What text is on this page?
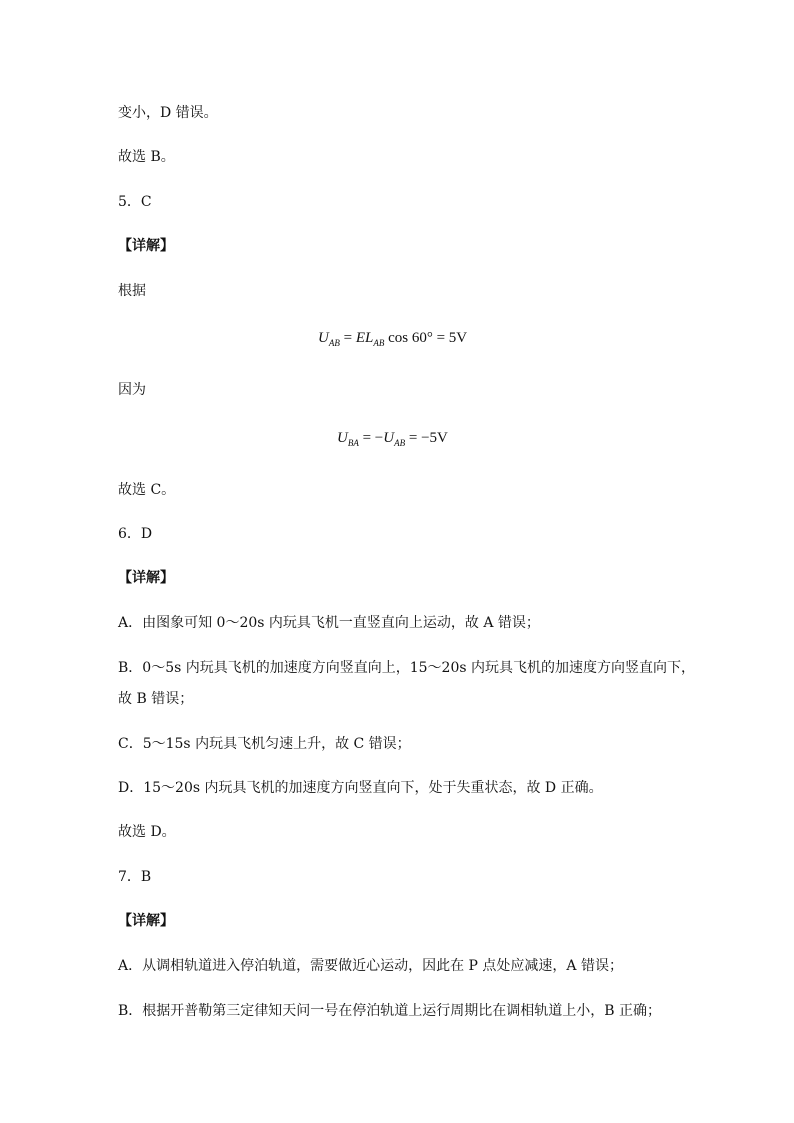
变小，D 错误。
故选 B。
5．C
【详解】
根据
$U_{AB} = EL_{AB}$ cos 60° = 5V
因为
$U_{BA} = -U_{AB} = -5V$
故选 C。
6．D
【详解】
A．由图象可知 0～20s 内玩具飞机一直竖直向上运动，故 A 错误；
B．0～5s 内玩具飞机的加速度方向竖直向上，15～20s 内玩具飞机的加速度方向竖直向下，
故 B 错误；
C．5～15s 内玩具飞机匀速上升，故 C 错误；
D．15～20s 内玩具飞机的加速度方向竖直向下，处于失重状态，故 D 正确。
故选 D。
7．B
【详解】
A．从调相轨道进入停泊轨道，需要做近心运动，因此在 P 点处应减速，A 错误；
B．根据开普勒第三定律知天问一号在停泊轨道上运行周期比在调相轨道上小，B 正确；
